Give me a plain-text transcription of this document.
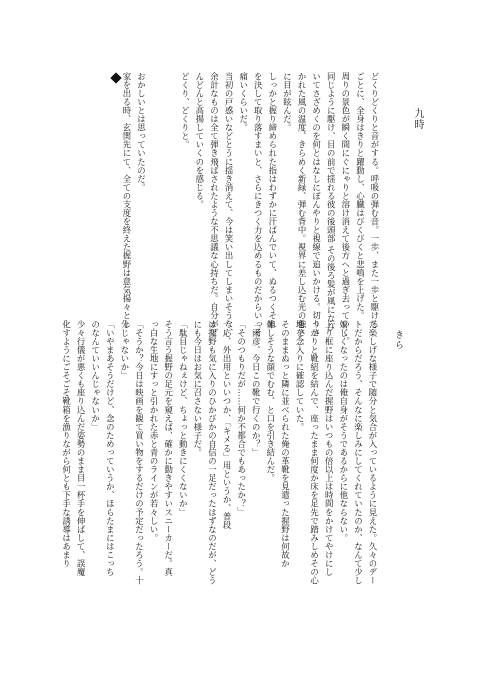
九時
きら
どくりどくりと音がする。呼吸の弾む音。一歩、また一歩と駆ける
ごとに、全身はきりと躍動し、心臓はびくびくと悲鳴を上げた。
周りの景色が瞬く間にぐにゃりと溶け消えて後方へと過ぎ去っていく。
同じように駆け、目の前で揺れる彼の後頭部 その後ろ髪が風になび
いてさざめくのを何とはなしにぼんやりと視線で追いかける。切りさ
かれた風の温度、きらめく新緑、弾む背中。視界に差し込む光の強さ
に目が眩んだ。
しっかと握り締められた指はわずかに汗ばんでいて、ぬるつくそれ
を決して取り落すまいと、さらにきつく力を込めるものだからいっそ
痛いくらいだ。
当初の戸惑いなどとうに揺き消えて、今は笑い出してしまいそうな、
余計なものは全て弾き飛ばされたような不思議な心持ちだ。自分がど
んどんと高揚していくのを感じる。
どくり、どくりと。

おかしいとは思っていたのだ。
家を出る時、玄関先にて、全ての支度を終えた握野は意気揚々とし
た楽しげな様子で随分と気合が入っているように見えた。久々のデー
トだからだろう、そんなに楽しみにしてくれていたのか、なんて少し
嬉しくなったのは俺自身がそうであるからに他ならない。
上り框に座り込んだ握野はいつもの倍以上は時間をかけてやけにし
っかりと靴紐を結んで、座ったまま何度か床を足先で踏みしめその心
地を念入りに確認していた。
そのままぬっと隣に並べられた俺の革靴を見遣った握野は何故か
難しそうな顔でむむ、と口を引き結んだ。
「雨彦、今日この靴で行くのか？」
「そのつもりだが……何か不都合でもあったか？」
一応、外出用といいつか、「キメる」用というか、普段
は握野も気に入りのひかびかの自信の一足だったはずなのだが、どう
にも今日はお気に召さない様子だ。
「駄目じゃねぇけど、ちょっと動きにくくないか」
そう言う握野の足元を窺えば、確かに動きやすいスニーカーだ。真
っ白な生地にすっと引かれた赤と青のラインが若々しい。
「そうか？今日は映画を観て買い物をするだけの予定だったろう。十
分じゃないか」
「いやまあそうだけど、念のためっていうか、ほらたまにはこっち
のなんていいんじゃないか」
少々行儀が悪くも座り込んだ姿勢のまま目一杯手を伸ばして、誤魔
化すようにごそごそ靴箱を漁りながら何とも下手な誘導はあまり
